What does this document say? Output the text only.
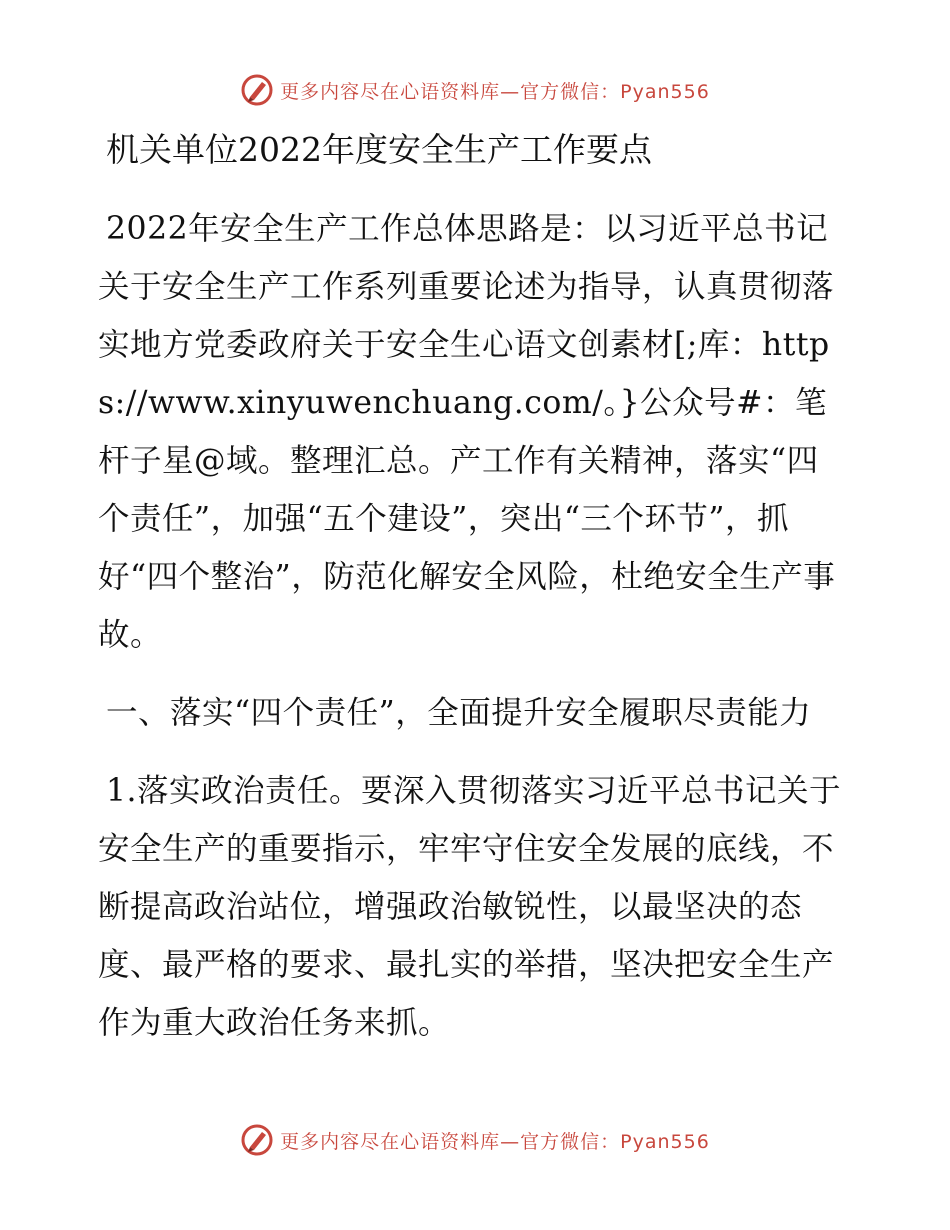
更多内容尽在心语资料库—官方微信：Pyan556
机关单位2022年度安全生产工作要点

2022年安全生产工作总体思路是：以习近平总书记关于安全生产工作系列重要论述为指导，认真贯彻落实地方党委政府关于安全生心语文创素材[;库：https://www.xinyuwenchuang.com/。}公众号#：笔杆子星@域。整理汇总。产工作有关精神，落实“四个责任”，加强“五个建设”，突出“三个环节”，抓好“四个整治”，防范化解安全风险，杜绝安全生产事故。

一、落实“四个责任”，全面提升安全履职尽责能力

1.落实政治责任。要深入贯彻落实习近平总书记关于安全生产的重要指示，牢牢守住安全发展的底线，不断提高政治站位，增强政治敏锐性，以最坚决的态度、最严格的要求、最扎实的举措，坚决把安全生产作为重大政治任务来抓。

更多内容尽在心语资料库—官方微信：Pyan556
